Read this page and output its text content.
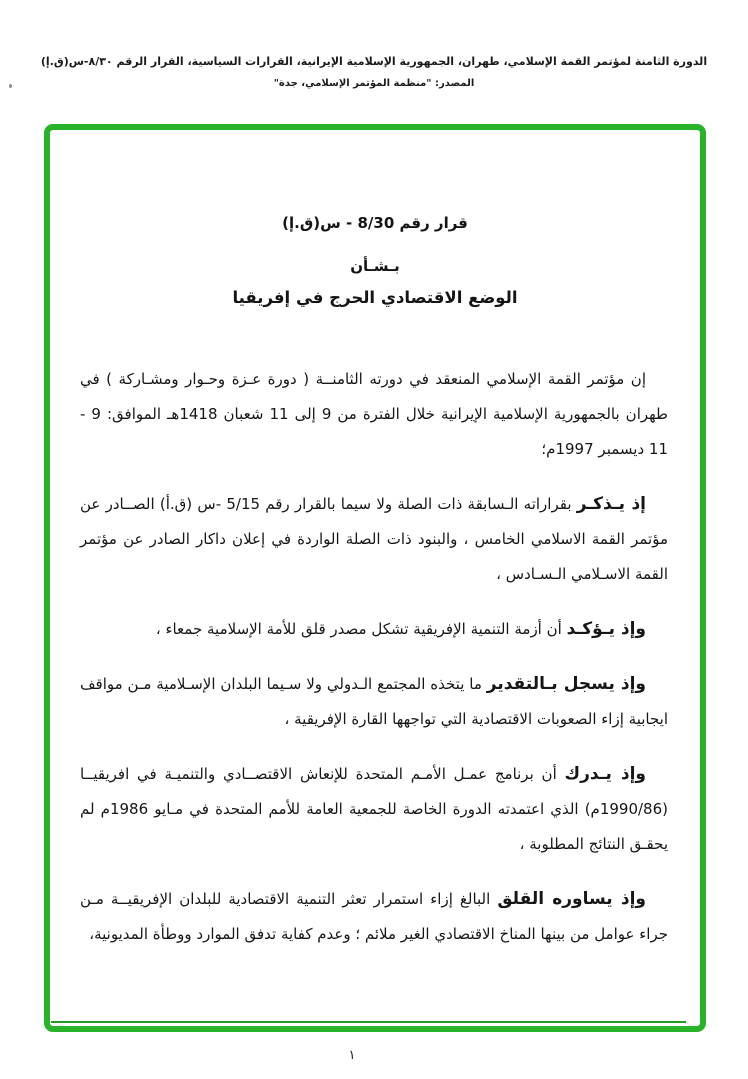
الدورة الثامنة لمؤتمر القمة الإسلامي، طهران، الجمهورية الإسلامية الإيرانية، القرارات السياسية، القرار الرقم ٨/٣٠-س(ق.إ)
المصدر: "منظمة المؤتمر الإسلامي، جدة"
قرار رقم 8/30 - س(ق.إ)
بـشـأن
الوضع الاقتصادي الحرج في إفريقيا

إن مؤتمر القمة الإسلامي المنعقد في دورته الثامنــة ( دورة عـزة وحـوار ومشـاركة ) في طهران بالجمهورية الإسلامية الإيرانية خلال الفترة من 9 إلى 11 شعبان 1418هـ الموافق: 9 - 11 ديسمبر 1997م؛

إذ يـذكـر بقراراته الـسابقة ذات الصلة ولا سيما بالقرار رقم 5/15 -س (ق.أ) الصــادر عن مؤتمر القمة الاسلامي الخامس ، والبنود ذات الصلة الواردة في إعلان داكار الصادر عن مؤتمر القمة الاسـلامي الـسـادس ،

وإذ يـؤكـد أن أزمة التنمية الإفريقية تشكل مصدر قلق للأمة الإسلامية جمعاء ،

وإذ يسجل بـالتقدير ما يتخذه المجتمع الـدولي ولا سـيما البلدان الإسـلامية مـن مواقف ايجابية إزاء الصعوبات الاقتصادية التي تواجهها القارة الإفريقية ،

وإذ يـدرك أن برنامج عمـل الأمـم المتحدة للإنعاش الاقتصــادي والتنميـة في افريقيــا (1990/86م) الذي اعتمدته الدورة الخاصة للجمعية العامة للأمم المتحدة في مـايو 1986م لم يحقـق النتائج المطلوبة ،

وإذ يساوره القلق البالغ إزاء استمرار تعثر التنمية الاقتصادية للبلدان الإفريقيــة مـن جراء عوامل من بينها المناخ الاقتصادي الغير ملائم ؛ وعدم كفاية تدفق الموارد ووطأة المديونية،

١
